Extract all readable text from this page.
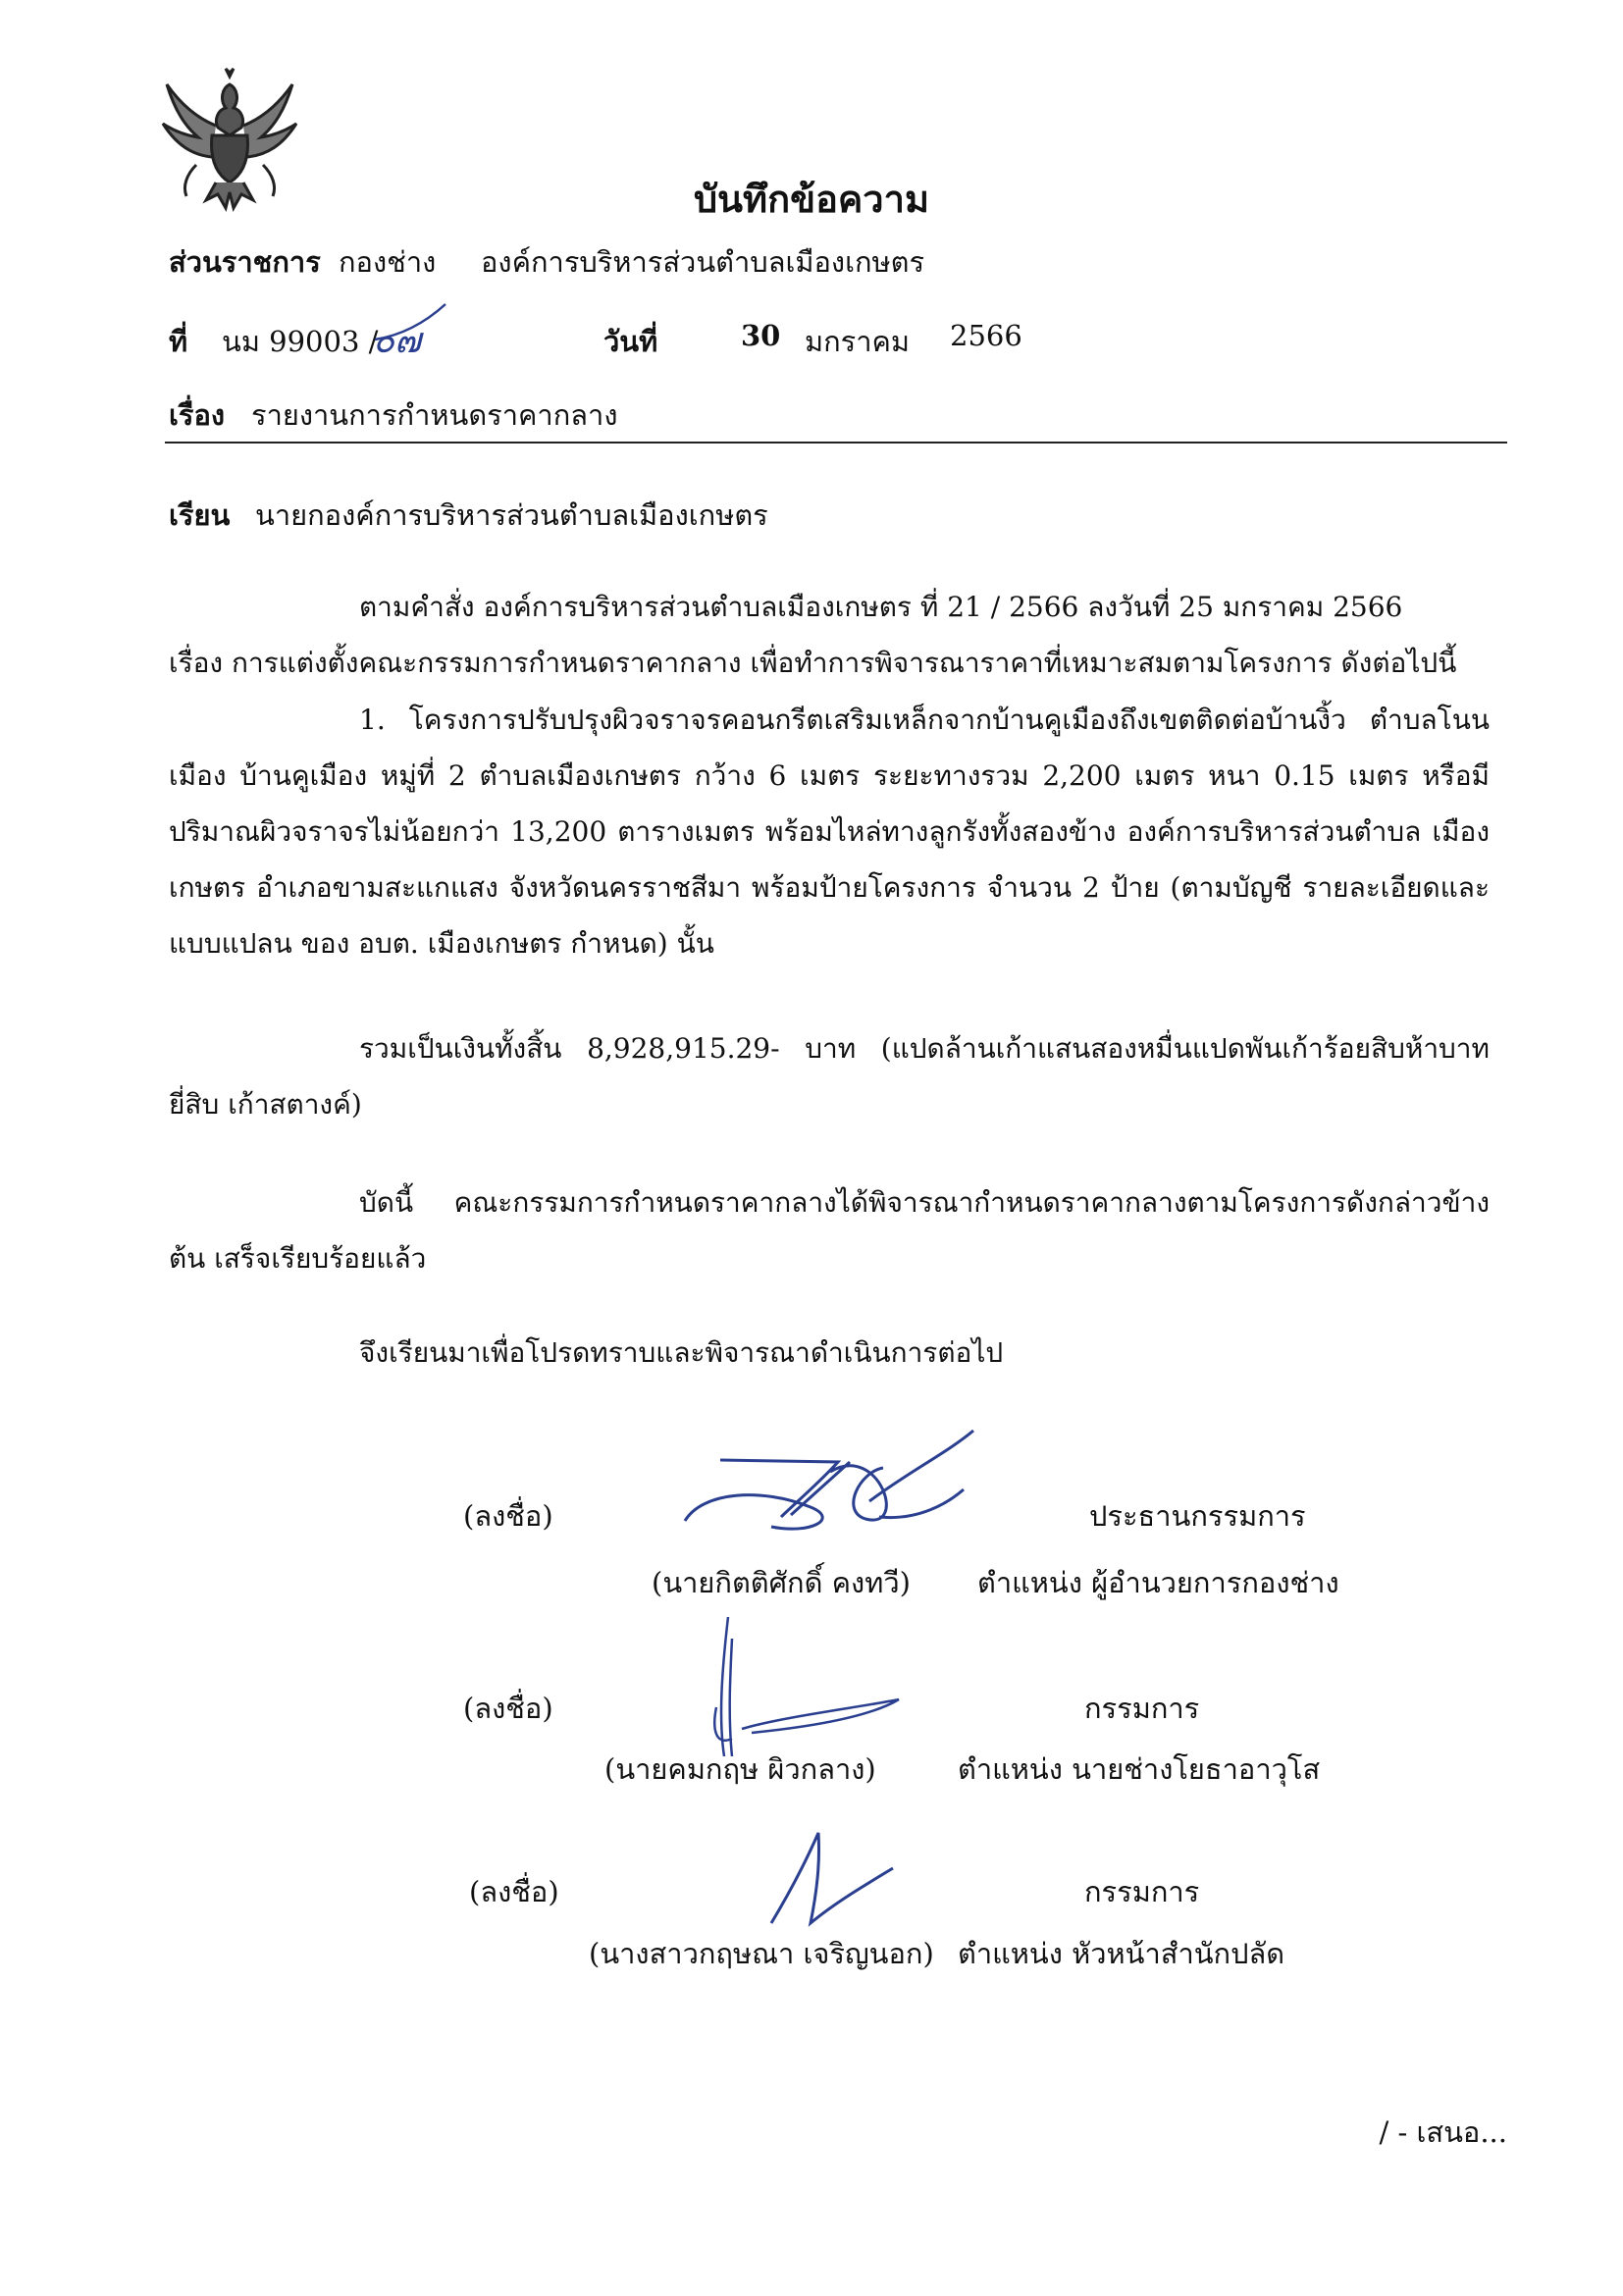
บันทึกข้อความ
ส่วนราชการ กองช่าง องค์การบริหารส่วนตำบลเมืองเกษตร
ที่ นม 99003 /
๐๗	วันที่	30 มกราคม 2566
เรื่อง รายงานการกำหนดราคากลาง
เรียน นายกองค์การบริหารส่วนตำบลเมืองเกษตร
ตามคำสั่ง องค์การบริหารส่วนตำบลเมืองเกษตร ที่ 21 / 2566 ลงวันที่ 25 มกราคม 2566
เรื่อง การแต่งตั้งคณะกรรมการกำหนดราคากลาง เพื่อทำการพิจารณาราคาที่เหมาะสมตามโครงการ ดังต่อไปนี้
1. โครงการปรับปรุงผิวจราจรคอนกรีตเสริมเหล็กจากบ้านคูเมืองถึงเขตติดต่อบ้านงิ้ว ตำบลโนน เมือง บ้านคูเมือง หมู่ที่ 2 ตำบลเมืองเกษตร กว้าง 6 เมตร ระยะทางรวม 2,200 เมตร หนา 0.15 เมตร หรือมี ปริมาณผิวจราจรไม่น้อยกว่า 13,200 ตารางเมตร พร้อมไหล่ทางลูกรังทั้งสองข้าง องค์การบริหารส่วนตำบล เมืองเกษตร อำเภอขามสะแกแสง จังหวัดนครราชสีมา พร้อมป้ายโครงการ จำนวน 2 ป้าย (ตามบัญชี รายละเอียดและแบบแปลน ของ อบต. เมืองเกษตร กำหนด) นั้น
รวมเป็นเงินทั้งสิ้น 8,928,915.29- บาท (แปดล้านเก้าแสนสองหมื่นแปดพันเก้าร้อยสิบห้าบาทยี่สิบ เก้าสตางค์)
บัดนี้ คณะกรรมการกำหนดราคากลางได้พิจารณากำหนดราคากลางตามโครงการดังกล่าวข้างต้น เสร็จเรียบร้อยแล้ว
จึงเรียนมาเพื่อโปรดทราบและพิจารณาดำเนินการต่อไป
(ลงชื่อ)	ประธานกรรมการ
(นายกิตติศักดิ์ คงทวี) ตำแหน่ง ผู้อำนวยการกองช่าง
(ลงชื่อ)	กรรมการ
(นายคมกฤษ ผิวกลาง)	ตำแหน่ง นายช่างโยธาอาวุโส
(ลงชื่อ)	กรรมการ
(นางสาวกฤษณา เจริญนอก) ตำแหน่ง หัวหน้าสำนักปลัด
/ - เสนอ...
